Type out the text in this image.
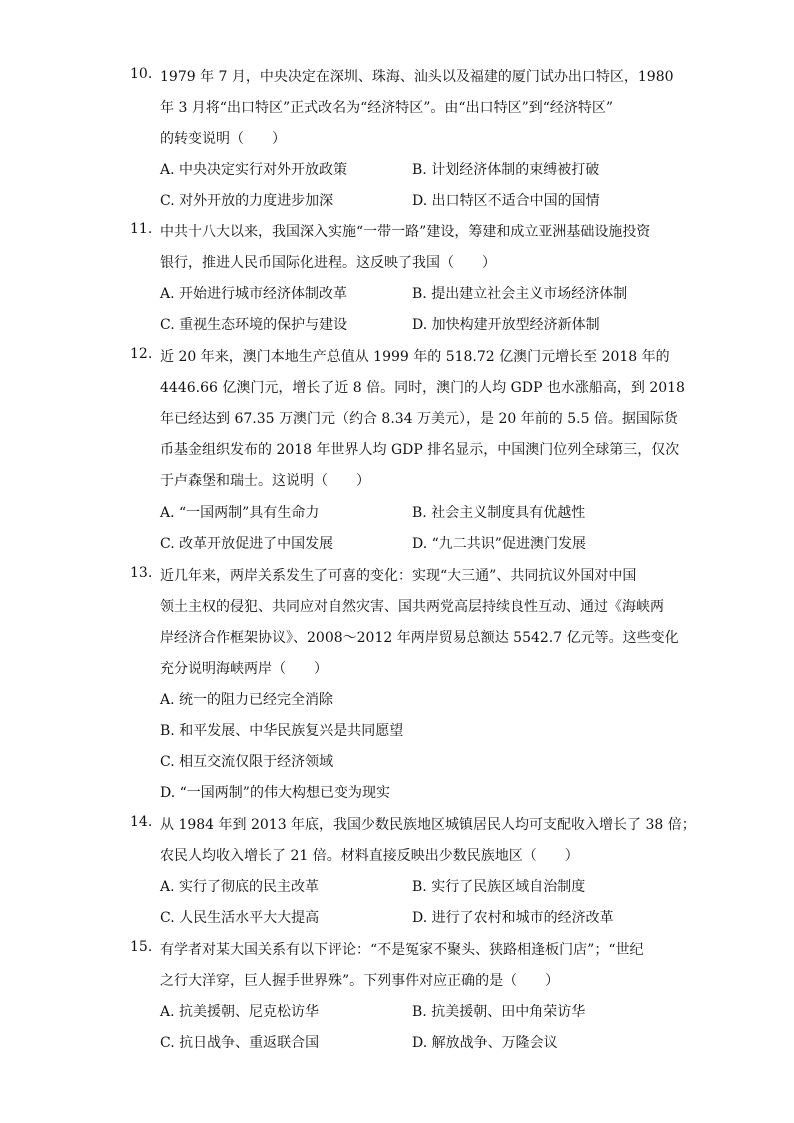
10. 1979 年 7 月，中央决定在深圳、珠海、汕头以及福建的厦门试办出口特区，1980
年 3 月将“出口特区”正式改名为“经济特区”。由“出口特区”到“经济特区”
的转变说明（　　）
A. 中央决定实行对外开放政策	B. 计划经济体制的束缚被打破
C. 对外开放的力度进步加深	D. 出口特区不适合中国的国情
11. 中共十八大以来，我国深入实施“一带一路”建设，筹建和成立亚洲基础设施投资
银行，推进人民币国际化进程。这反映了我国（　　）
A. 开始进行城市经济体制改革	B. 提出建立社会主义市场经济体制
C. 重视生态环境的保护与建设	D. 加快构建开放型经济新体制
12. 近 20 年来，澳门本地生产总值从 1999 年的 518.72 亿澳门元增长至 2018 年的
4446.66 亿澳门元，增长了近 8 倍。同时，澳门的人均 GDP 也水涨船高，到 2018
年已经达到 67.35 万澳门元（约合 8.34 万美元），是 20 年前的 5.5 倍。据国际货
币基金组织发布的 2018 年世界人均 GDP 排名显示，中国澳门位列全球第三，仅次
于卢森堡和瑞士。这说明（　　）
A. “一国两制”具有生命力	B. 社会主义制度具有优越性
C. 改革开放促进了中国发展	D. “九二共识”促进澳门发展
13. 近几年来，两岸关系发生了可喜的变化：实现“大三通”、共同抗议外国对中国
领土主权的侵犯、共同应对自然灾害、国共两党高层持续良性互动、通过《海峡两
岸经济合作框架协议》、2008～2012 年两岸贸易总额达 5542.7 亿元等。这些变化
充分说明海峡两岸（　　）
A. 统一的阻力已经完全消除
B. 和平发展、中华民族复兴是共同愿望
C. 相互交流仅限于经济领域
D. “一国两制”的伟大构想已变为现实
14. 从 1984 年到 2013 年底，我国少数民族地区城镇居民人均可支配收入增长了 38 倍；
农民人均收入增长了 21 倍。材料直接反映出少数民族地区（　　）
A. 实行了彻底的民主改革	B. 实行了民族区域自治制度
C. 人民生活水平大大提高	D. 进行了农村和城市的经济改革
15. 有学者对某大国关系有以下评论：“不是冤家不聚头、狭路相逢板门店”；“世纪
之行大洋穿，巨人握手世界殊”。下列事件对应正确的是（　　）
A. 抗美援朝、尼克松访华	B. 抗美援朝、田中角荣访华
C. 抗日战争、重返联合国	D. 解放战争、万隆会议
